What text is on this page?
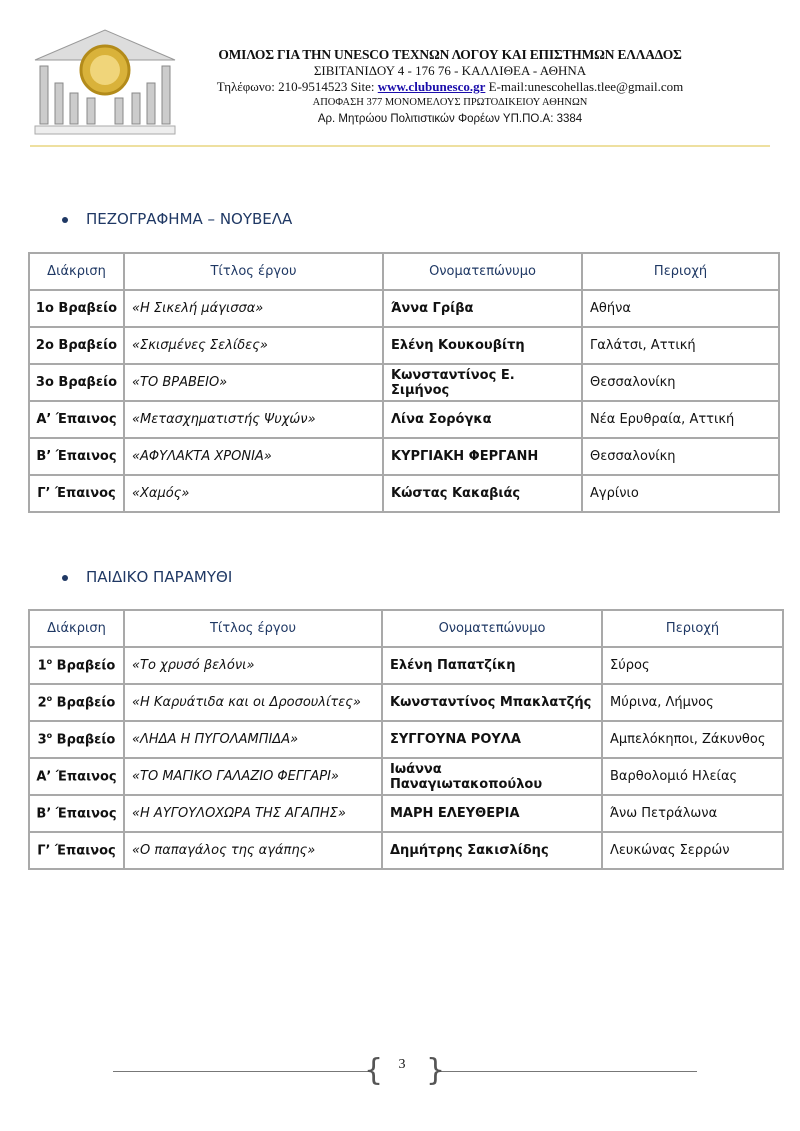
ΟΜΙΛΟΣ ΓΙΑ ΤΗΝ UNESCO ΤΕΧΝΩΝ ΛΟΓΟΥ ΚΑΙ ΕΠΙΣΤΗΜΩΝ ΕΛΛΑΔΟΣ
ΣΙΒΙΤΑΝΙΔΟΥ 4 - 176 76 - ΚΑΛΛΙΘΕΑ - ΑΘΗΝΑ
Τηλέφωνο: 210-9514523 Site: www.clubunesco.gr E-mail:unescohellas.tlee@gmail.com
ΑΠΟΦΑΣΗ 377 ΜΟΝΟΜΕΛΟΥΣ ΠΡΩΤΟΔΙΚΕΙΟΥ ΑΘΗΝΩΝ
Αρ. Μητρώου Πολιτιστικών Φορέων ΥΠ.ΠΟ.Α: 3384
ΠΕΖΟΓΡΑΦΗΜΑ – ΝΟΥΒΕΛΑ
Διάκριση	Τίτλος έργου	Ονοματεπώνυμο	Περιοχή
1ο Βραβείο	«Η Σικελή μάγισσα»	Άννα Γρίβα	Αθήνα
2ο Βραβείο	«Σκισμένες Σελίδες»	Ελένη Κουκουβίτη	Γαλάτσι, Αττική
3ο Βραβείο	«ΤΟ ΒΡΑΒΕΙΟ»	Κωνσταντίνος Ε. Σιμήνος	Θεσσαλονίκη
Α’ Έπαινος	«Μετασχηματιστής Ψυχών»	Λίνα Σορόγκα	Νέα Ερυθραία, Αττική
Β’ Έπαινος	«ΑΦΥΛΑΚΤΑ ΧΡΟΝΙΑ»	ΚΥΡΓΙΑΚΗ ΦΕΡΓΑΝΗ	Θεσσαλονίκη
Γ’ Έπαινος	«Χαμός»	Κώστας Κακαβιάς	Αγρίνιο
ΠΑΙΔΙΚΟ ΠΑΡΑΜΥΘΙ
Διάκριση	Τίτλος έργου	Ονοματεπώνυμο	Περιοχή
$1^o$ Βραβείο	«Το χρυσό βελόνι»	Ελένη Παπατζίκη	Σύρος
$2^o$ Βραβείο	«Η Καρυάτιδα και οι Δροσουλίτες»	Κωνσταντίνος Μπακλατζής	Μύρινα, Λήμνος
$3^o$ Βραβείο	«ΛΗΔΑ Η ΠΥΓΟΛΑΜΠΙΔΑ»	ΣΥΓΓΟΥΝΑ ΡΟΥΛΑ	Αμπελόκηποι, Ζάκυνθος
Α’ Έπαινος	«ΤΟ ΜΑΓΙΚΟ ΓΑΛΑΖΙΟ ΦΕΓΓΑΡΙ»	Ιωάννα Παναγιωτακοπούλου	Βαρθολομιό Ηλείας
Β’ Έπαινος	«Η ΑΥΓΟΥΛΟΧΩΡΑ ΤΗΣ ΑΓΑΠΗΣ»	ΜΑΡΗ ΕΛΕΥΘΕΡΙΑ	Άνω Πετράλωνα
Γ’ Έπαινος	«Ο παπαγάλος της αγάπης»	Δημήτρης Σακισλίδης	Λευκώνας Σερρών
{ }
3
